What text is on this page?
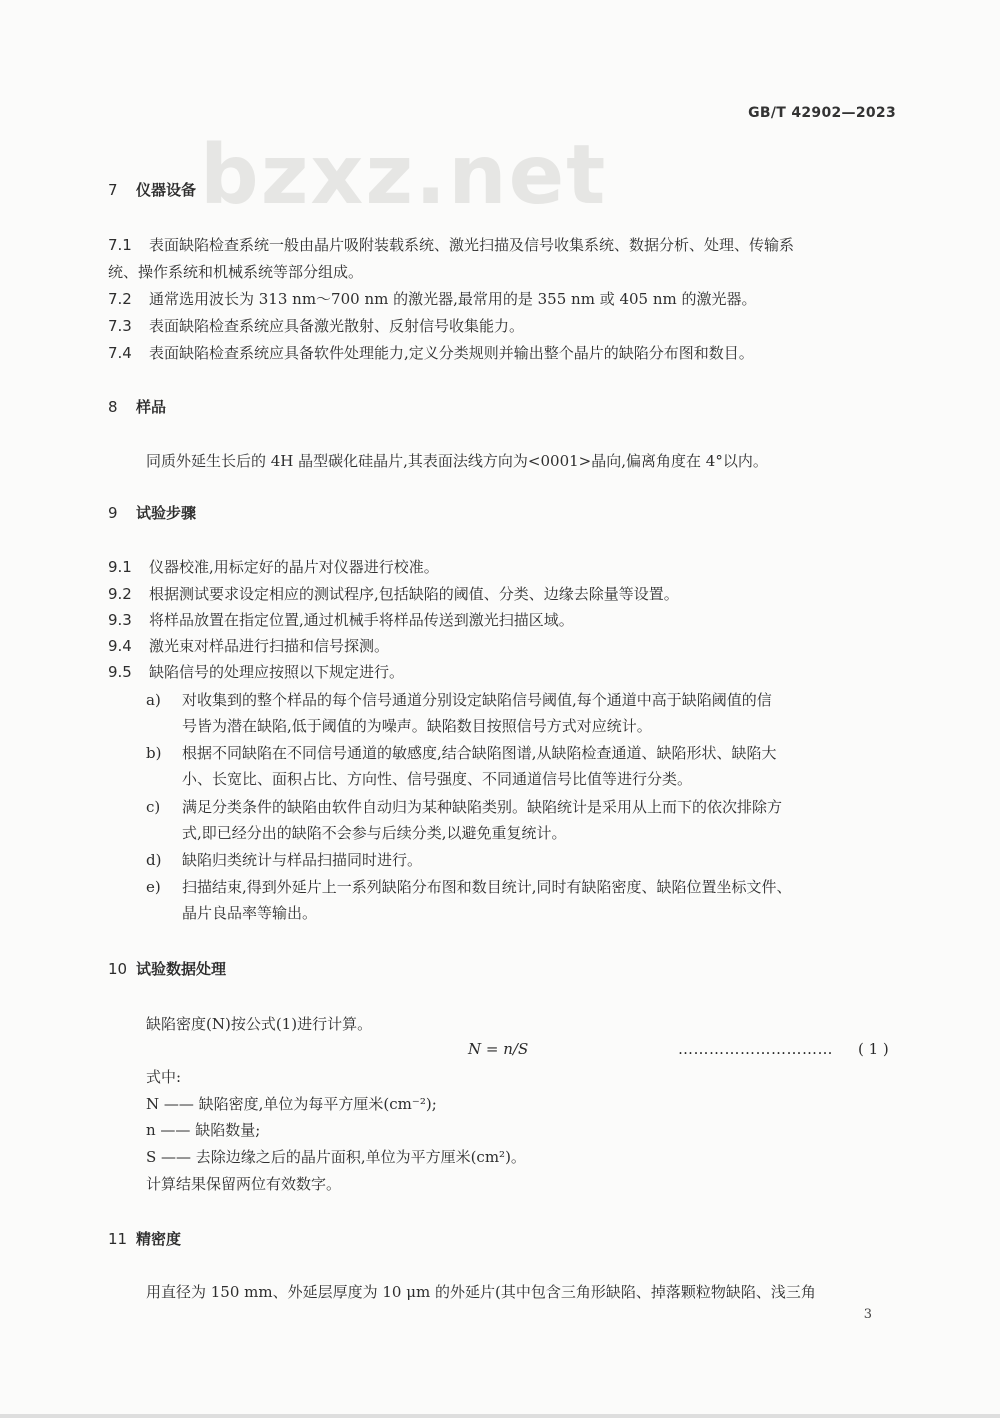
bzxz.net
GB/T 42902—2023
7 仪器设备
7.1 表面缺陷检查系统一般由晶片吸附装载系统、激光扫描及信号收集系统、数据分析、处理、传输系
统、操作系统和机械系统等部分组成。
7.2 通常选用波长为 313 nm～700 nm 的激光器,最常用的是 355 nm 或 405 nm 的激光器。
7.3 表面缺陷检查系统应具备激光散射、反射信号收集能力。
7.4 表面缺陷检查系统应具备软件处理能力,定义分类规则并输出整个晶片的缺陷分布图和数目。
8 样品
同质外延生长后的 4H 晶型碳化硅晶片,其表面法线方向为<0001>晶向,偏离角度在 4°以内。
9 试验步骤
9.1 仪器校准,用标定好的晶片对仪器进行校准。
9.2 根据测试要求设定相应的测试程序,包括缺陷的阈值、分类、边缘去除量等设置。
9.3 将样品放置在指定位置,通过机械手将样品传送到激光扫描区域。
9.4 激光束对样品进行扫描和信号探测。
9.5 缺陷信号的处理应按照以下规定进行。
a) 对收集到的整个样品的每个信号通道分别设定缺陷信号阈值,每个通道中高于缺陷阈值的信
号皆为潜在缺陷,低于阈值的为噪声。缺陷数目按照信号方式对应统计。
b) 根据不同缺陷在不同信号通道的敏感度,结合缺陷图谱,从缺陷检查通道、缺陷形状、缺陷大
小、长宽比、面积占比、方向性、信号强度、不同通道信号比值等进行分类。
c) 满足分类条件的缺陷由软件自动归为某种缺陷类别。缺陷统计是采用从上而下的依次排除方
式,即已经分出的缺陷不会参与后续分类,以避免重复统计。
d) 缺陷归类统计与样品扫描同时进行。
e) 扫描结束,得到外延片上一系列缺陷分布图和数目统计,同时有缺陷密度、缺陷位置坐标文件、
晶片良品率等输出。
10 试验数据处理
缺陷密度(N)按公式(1)进行计算。
N = n/S	………………………… ( 1 )
式中:
N —— 缺陷密度,单位为每平方厘米(cm⁻²);
n —— 缺陷数量;
S —— 去除边缘之后的晶片面积,单位为平方厘米(cm²)。
计算结果保留两位有效数字。
11 精密度
用直径为 150 mm、外延层厚度为 10 μm 的外延片(其中包含三角形缺陷、掉落颗粒物缺陷、浅三角
3
